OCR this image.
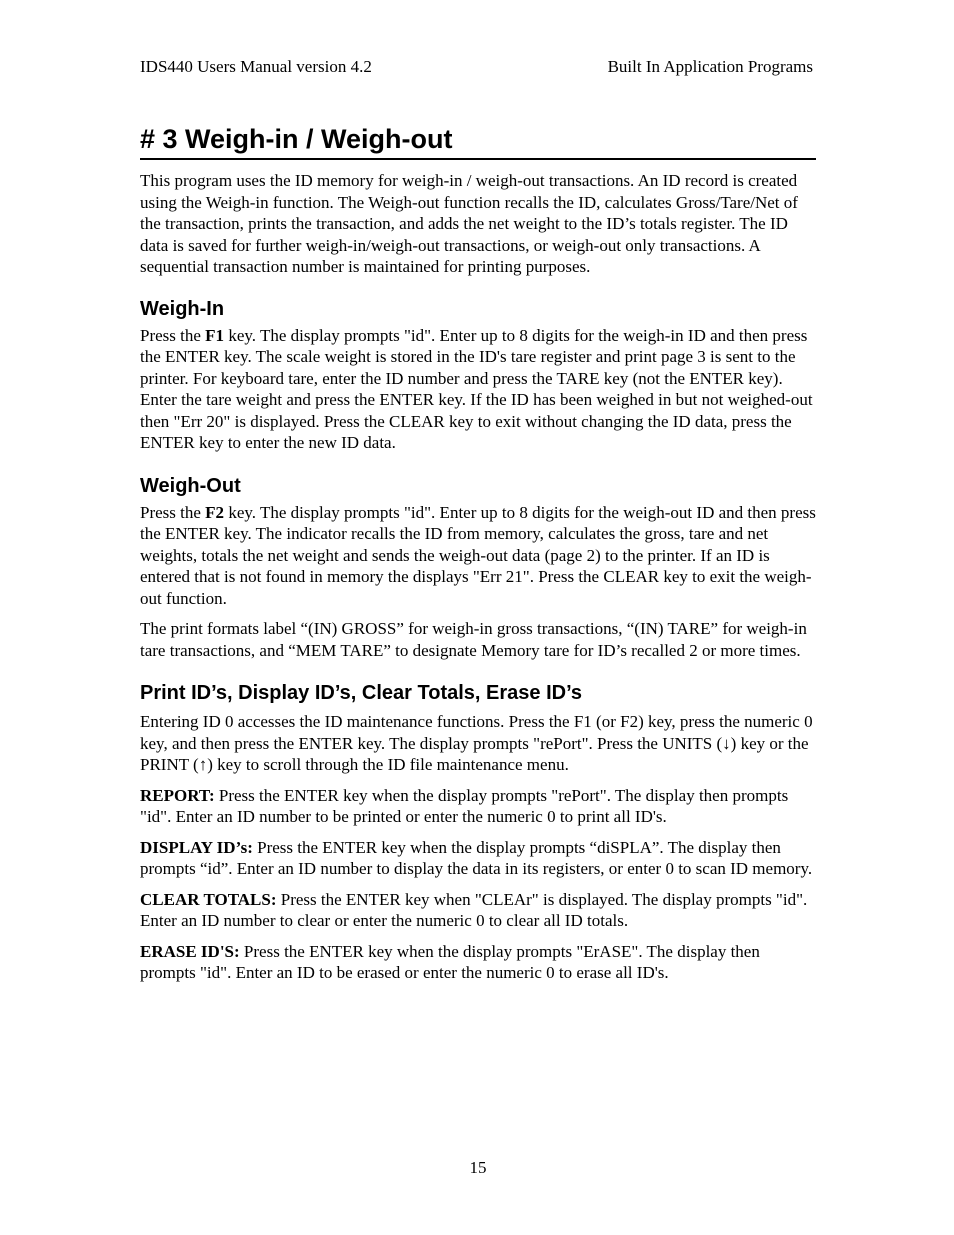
IDS440 Users Manual version 4.2	Built In Application Programs
# 3 Weigh-in / Weigh-out

This program uses the ID memory for weigh-in / weigh-out transactions. An ID record is created using the Weigh-in function. The Weigh-out function recalls the ID, calculates Gross/Tare/Net of the transaction, prints the transaction, and adds the net weight to the ID’s totals register. The ID data is saved for further weigh-in/weigh-out transactions, or weigh-out only transactions. A sequential transaction number is maintained for printing purposes.

Weigh-In

Press the F1 key. The display prompts "id". Enter up to 8 digits for the weigh-in ID and then press the ENTER key. The scale weight is stored in the ID's tare register and print page 3 is sent to the printer. For keyboard tare, enter the ID number and press the TARE key (not the ENTER key). Enter the tare weight and press the ENTER key. If the ID has been weighed in but not weighed-out then "Err 20" is displayed. Press the CLEAR key to exit without changing the ID data, press the ENTER key to enter the new ID data.

Weigh-Out

Press the F2 key. The display prompts "id". Enter up to 8 digits for the weigh-out ID and then press the ENTER key. The indicator recalls the ID from memory, calculates the gross, tare and net weights, totals the net weight and sends the weigh-out data (page 2) to the printer. If an ID is entered that is not found in memory the displays "Err 21". Press the CLEAR key to exit the weigh-out function.

The print formats label “(IN) GROSS” for weigh-in gross transactions, “(IN) TARE” for weigh-in tare transactions, and “MEM TARE” to designate Memory tare for ID’s recalled 2 or more times.

Print ID’s, Display ID’s, Clear Totals, Erase ID’s

Entering ID 0 accesses the ID maintenance functions. Press the F1 (or F2) key, press the numeric 0 key, and then press the ENTER key. The display prompts "rePort". Press the UNITS (↓) key or the PRINT (↑) key to scroll through the ID file maintenance menu.

REPORT: Press the ENTER key when the display prompts "rePort". The display then prompts "id". Enter an ID number to be printed or enter the numeric 0 to print all ID's.

DISPLAY ID’s: Press the ENTER key when the display prompts “diSPLA”. The display then prompts “id”. Enter an ID number to display the data in its registers, or enter 0 to scan ID memory.

CLEAR TOTALS: Press the ENTER key when "CLEAr" is displayed. The display prompts "id". Enter an ID number to clear or enter the numeric 0 to clear all ID totals.

ERASE ID'S: Press the ENTER key when the display prompts "ErASE". The display then prompts "id". Enter an ID to be erased or enter the numeric 0 to erase all ID's.

15
